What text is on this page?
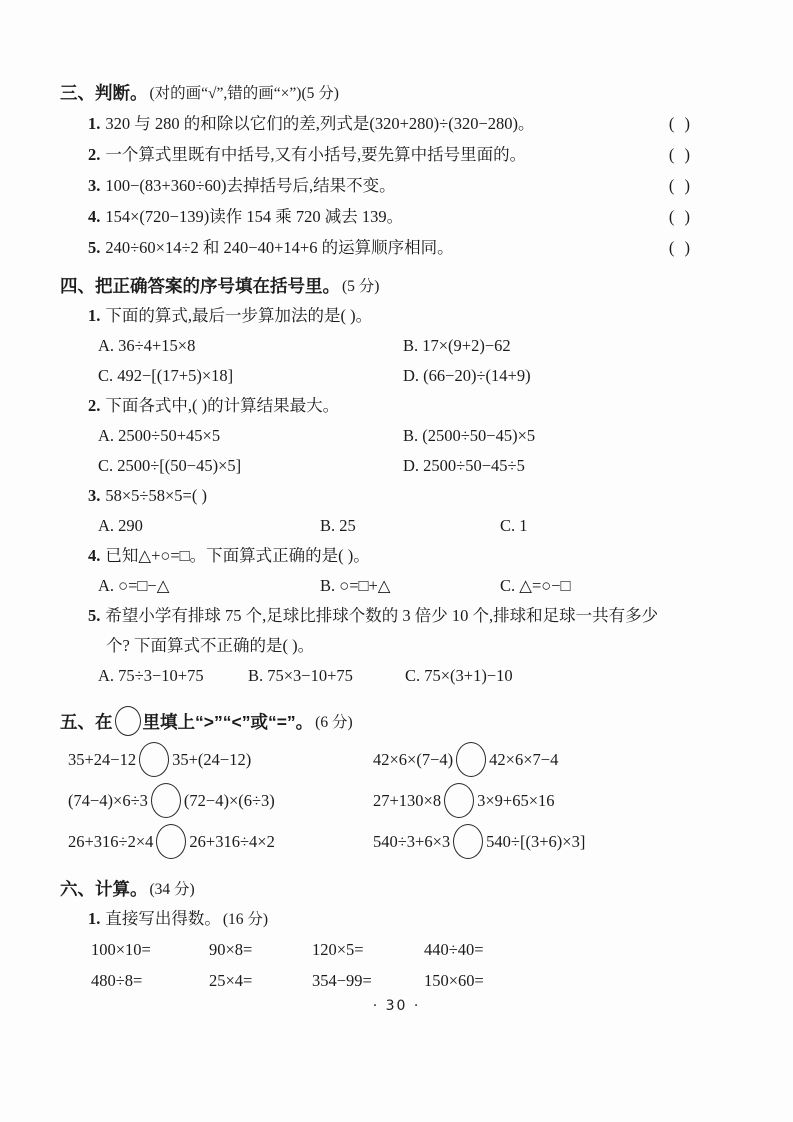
三、判断。 (对的画“√”,错的画“×”)(5 分)
1. 320 与 280 的和除以它们的差,列式是(320+280)÷(320−280)。	( )
2. 一个算式里既有中括号,又有小括号,要先算中括号里面的。	( )
3. 100−(83+360÷60)去掉括号后,结果不变。	( )
4. 154×(720−139)读作 154 乘 720 减去 139。	( )
5. 240÷60×14÷2 和 240−40+14+6 的运算顺序相同。	( )
四、把正确答案的序号填在括号里。 (5 分)
1. 下面的算式,最后一步算加法的是( )。
A. 36÷4+15×8	B. 17×(9+2)−62
C. 492−[(17+5)×18]	D. (66−20)÷(14+9)
2. 下面各式中,( )的计算结果最大。
A. 2500÷50+45×5	B. (2500÷50−45)×5
C. 2500÷[(50−45)×5]	D. 2500÷50−45÷5
3. 58×5÷58×5=( )
A. 290	B. 25	C. 1
4. 已知△+○=□。下面算式正确的是( )。
A. ○=□−△	B. ○=□+△	C. △=○−□
5. 希望小学有排球 75 个,足球比排球个数的 3 倍少 10 个,排球和足球一共有多少
个? 下面算式不正确的是( )。
A. 75÷3−10+75	B. 75×3−10+75	C. 75×(3+1)−10
五、在 里填上“>”“<”或“=”。 (6 分)
35+24−12 35+(24−12)	42×6×(7−4) 42×6×7−4
(74−4)×6÷3 (72−4)×(6÷3)	27+130×8 3×9+65×16
26+316÷2×4 26+316÷4×2	540÷3+6×3 540÷[(3+6)×3]
六、计算。 (34 分)
1. 直接写出得数。 (16 分)
100×10=	90×8=	120×5=	440÷40=
480÷8=	25×4=	354−99=	150×60=
· 30 ·
